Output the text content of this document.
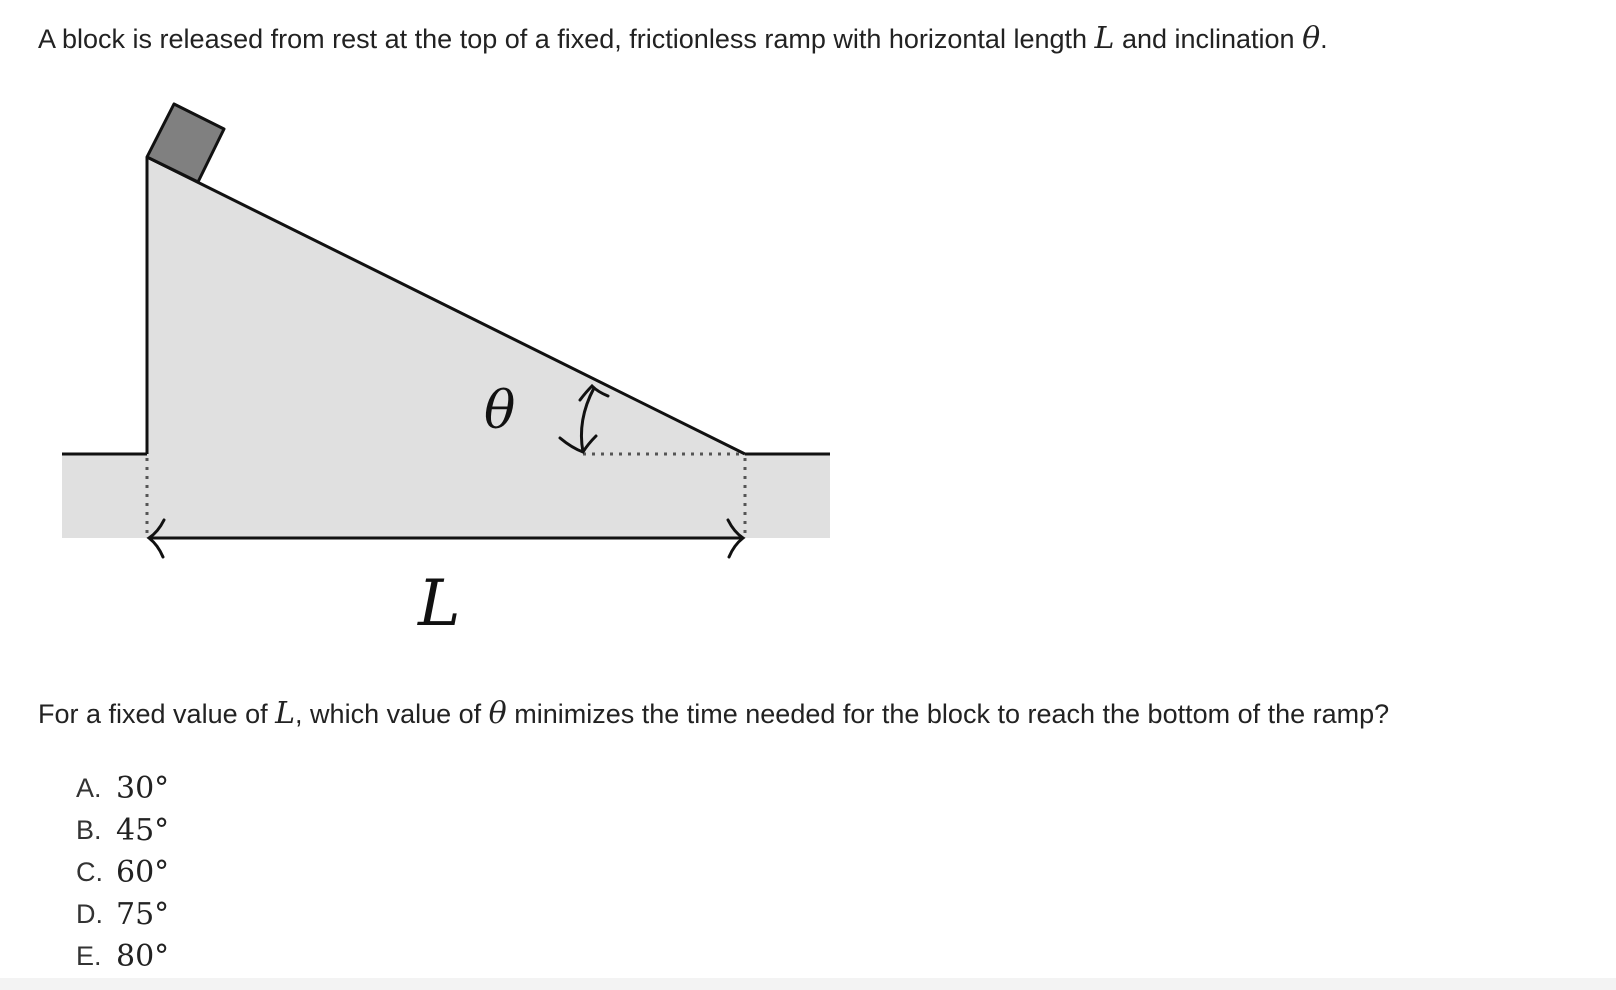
A block is released from rest at the top of a fixed, frictionless ramp with horizontal length L and inclination θ.
θ
L
For a fixed value of L, which value of θ minimizes the time needed for the block to reach the bottom of the ramp?
A. 30°
B. 45°
C. 60°
D. 75°
E. 80°
